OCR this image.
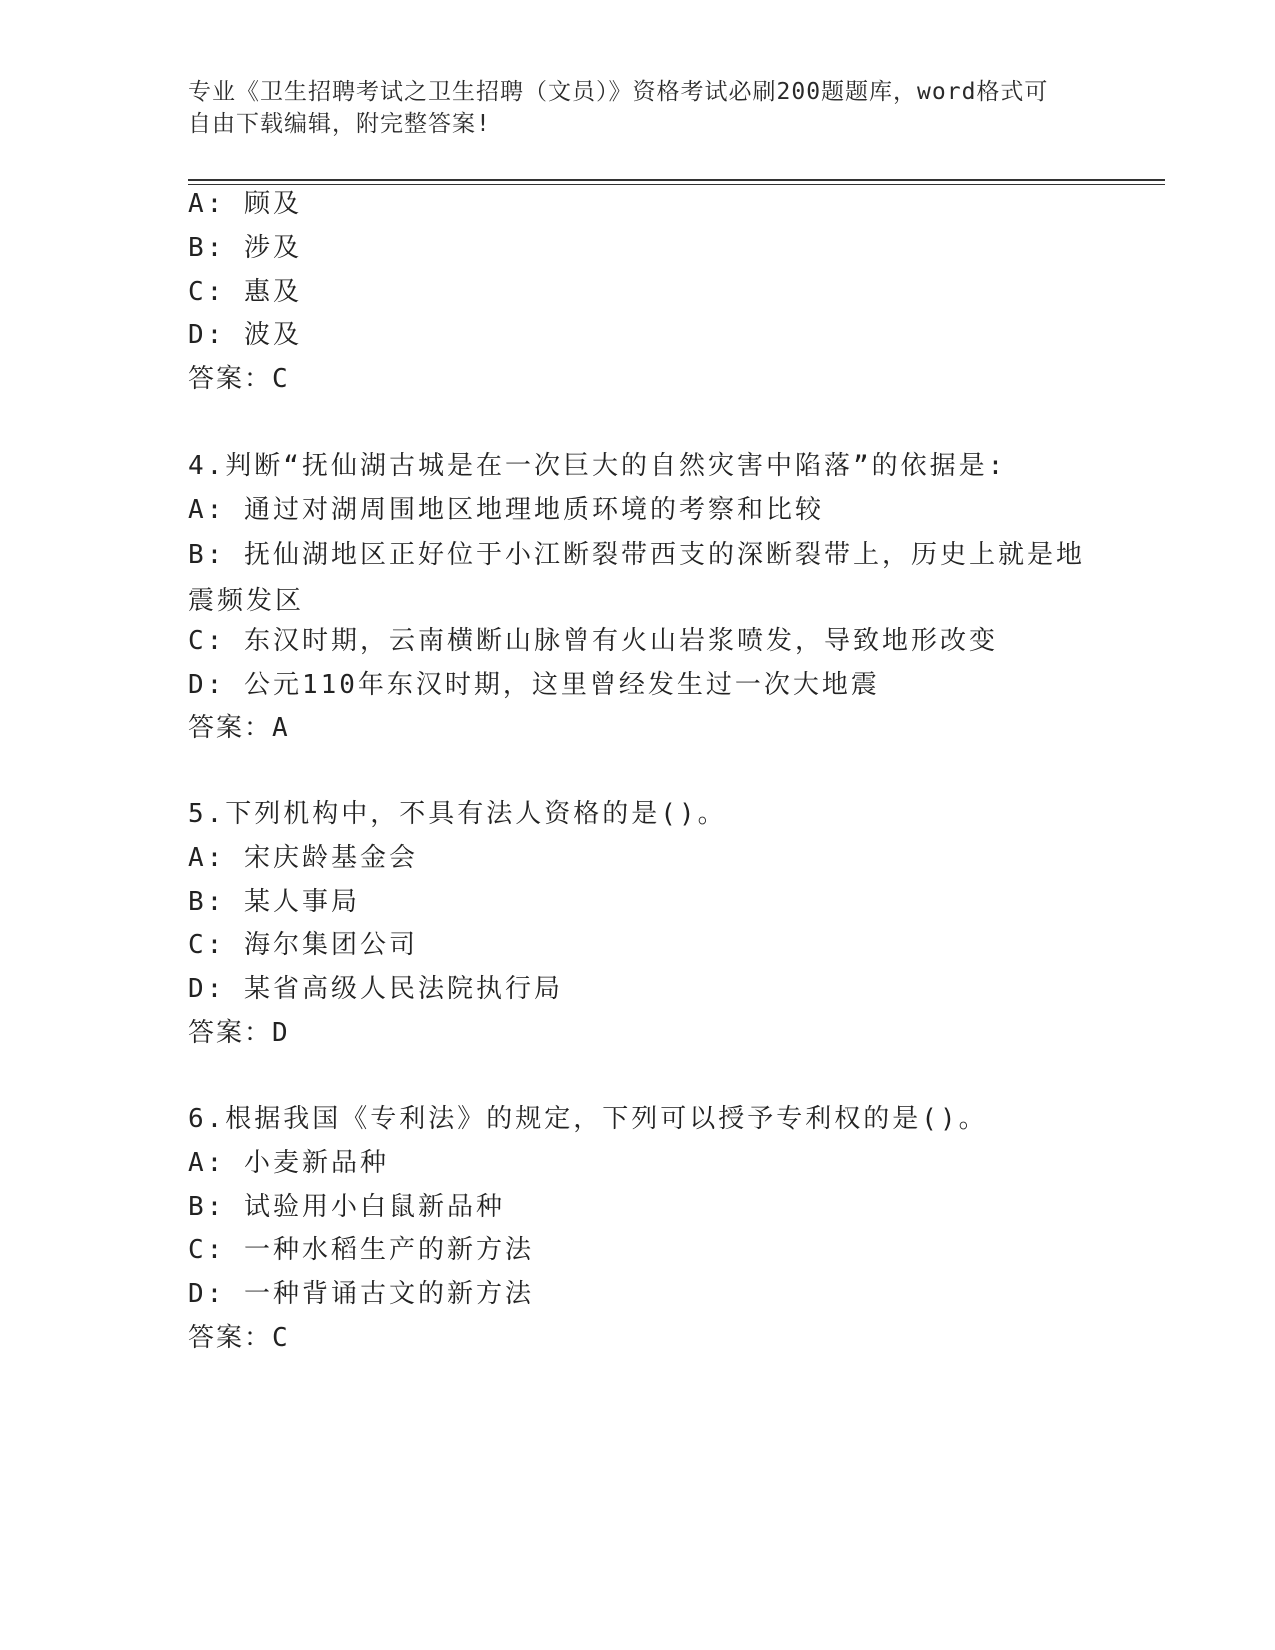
专业《卫生招聘考试之卫生招聘（文员）》资格考试必刷200题题库，word格式可自由下载编辑，附完整答案!
A: 顾及
B: 涉及
C: 惠及
D: 波及
答案：C
4.判断“抚仙湖古城是在一次巨大的自然灾害中陷落”的依据是:
A: 通过对湖周围地区地理地质环境的考察和比较
B: 抚仙湖地区正好位于小江断裂带西支的深断裂带上，历史上就是地震频发区
C: 东汉时期，云南横断山脉曾有火山岩浆喷发，导致地形改变
D: 公元110年东汉时期，这里曾经发生过一次大地震
答案：A
5.下列机构中，不具有法人资格的是()。
A: 宋庆龄基金会
B: 某人事局
C: 海尔集团公司
D: 某省高级人民法院执行局
答案：D
6.根据我国《专利法》的规定，下列可以授予专利权的是()。
A: 小麦新品种
B: 试验用小白鼠新品种
C: 一种水稻生产的新方法
D: 一种背诵古文的新方法
答案：C
